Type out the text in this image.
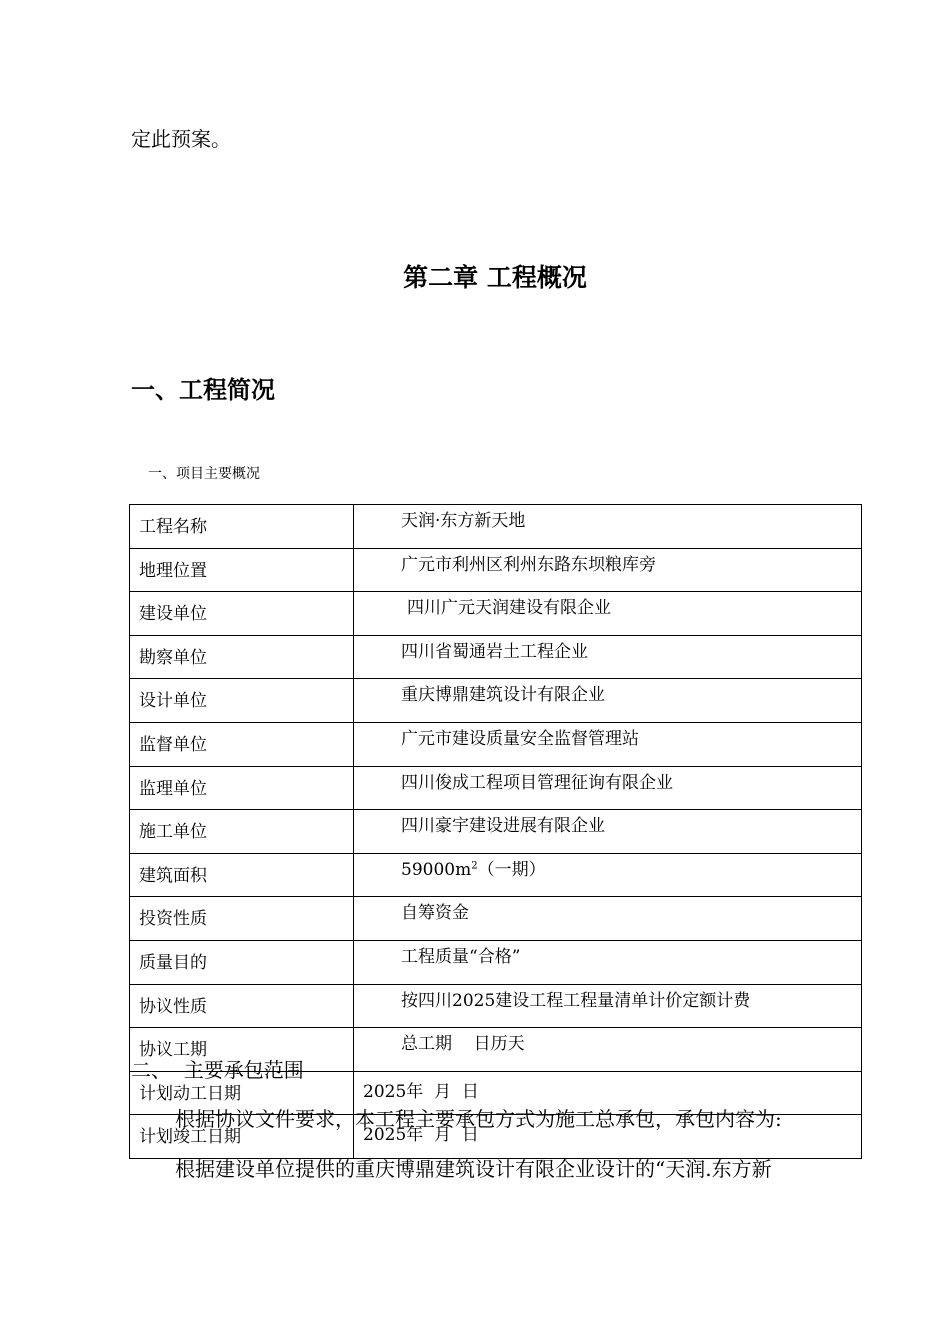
定此预案。
第二章 工程概况
一、工程简况
一、项目主要概况
工程名称	天润·东方新天地
地理位置	广元市利州区利州东路东坝粮库旁
建设单位	四川广元天润建设有限企业
勘察单位	四川省蜀通岩土工程企业
设计单位	重庆博鼎建筑设计有限企业
监督单位	广元市建设质量安全监督管理站
监理单位	四川俊成工程项目管理征询有限企业
施工单位	四川豪宇建设进展有限企业
建筑面积	$59000m^2$（一期）
投资性质	自筹资金
质量目的	工程质量“合格”
协议性质	按四川2025建设工程工程量清单计价定额计费
协议工期	总工期    日历天
计划动工日期	2025年  月  日
计划竣工日期	2025年  月  日
二、  主要承包范围
根据协议文件要求，本工程主要承包方式为施工总承包，承包内容为:
根据建设单位提供的重庆博鼎建筑设计有限企业设计的“天润.东方新
